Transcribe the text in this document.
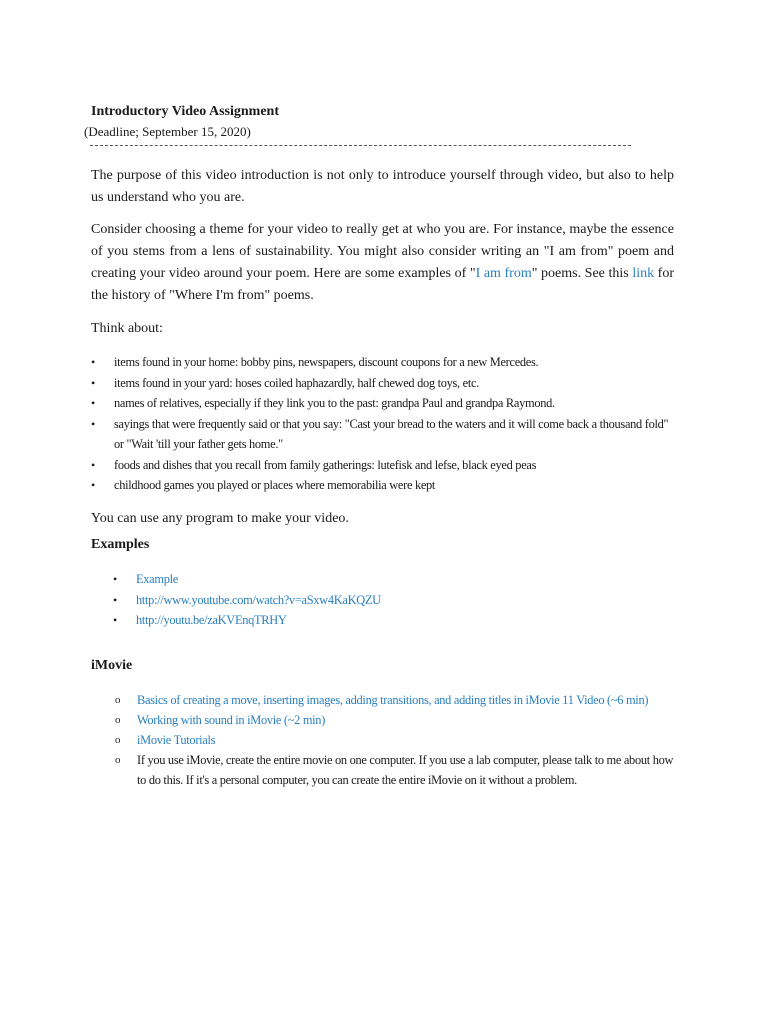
Introductory Video Assignment
(Deadline; September 15, 2020)

The purpose of this video introduction is not only to introduce yourself through video, but also to help us understand who you are.

Consider choosing a theme for your video to really get at who you are. For instance, maybe the essence of you stems from a lens of sustainability. You might also consider writing an "I am from" poem and creating your video around your poem. Here are some examples of "I am from" poems. See this link for the history of "Where I'm from" poems.

Think about:

• items found in your home: bobby pins, newspapers, discount coupons for a new Mercedes.
• items found in your yard: hoses coiled haphazardly, half chewed dog toys, etc.
• names of relatives, especially if they link you to the past: grandpa Paul and grandpa Raymond.
• sayings that were frequently said or that you say: "Cast your bread to the waters and it will come back a thousand fold" or "Wait 'till your father gets home."
• foods and dishes that you recall from family gatherings: lutefisk and lefse, black eyed peas
• childhood games you played or places where memorabilia were kept

You can use any program to make your video.

Examples
• Example
• http://www.youtube.com/watch?v=aSxw4KaKQZU
• http://youtu.be/zaKVEnqTRHY
iMovie
o Basics of creating a move, inserting images, adding transitions, and adding titles in iMovie 11 Video (~6 min)
o Working with sound in iMovie (~2 min)
o iMovie Tutorials
o If you use iMovie, create the entire movie on one computer. If you use a lab computer, please talk to me about how to do this. If it's a personal computer, you can create the entire iMovie on it without a problem.
